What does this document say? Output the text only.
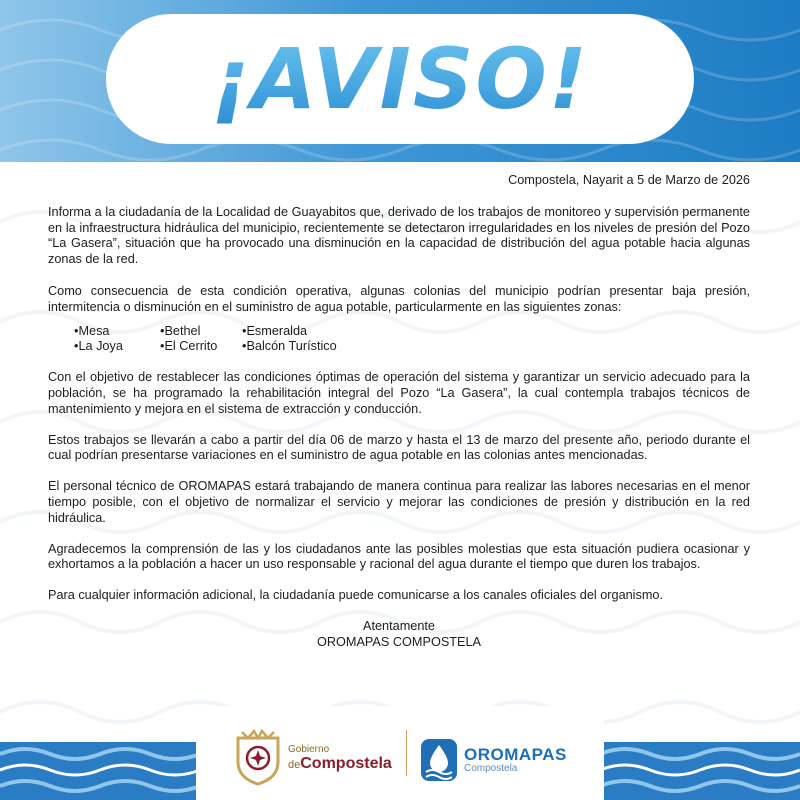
¡AVISO!
Compostela, Nayarit a 5 de Marzo de 2026

Informa a la ciudadanía de la Localidad de Guayabitos que, derivado de los trabajos de monitoreo y supervisión permanente en la infraestructura hidráulica del municipio, recientemente se detectaron irregularidades en los niveles de presión del Pozo “La Gasera”, situación que ha provocado una disminución en la capacidad de distribución del agua potable hacia algunas zonas de la red.

Como consecuencia de esta condición operativa, algunas colonias del municipio podrían presentar baja presión, intermitencia o disminución en el suministro de agua potable, particularmente en las siguientes zonas:

•Mesa	•Bethel	•Esmeralda
•La Joya	•El Cerrito	•Balcón Turístico

Con el objetivo de restablecer las condiciones óptimas de operación del sistema y garantizar un servicio adecuado para la población, se ha programado la rehabilitación integral del Pozo “La Gasera”, la cual contempla trabajos técnicos de mantenimiento y mejora en el sistema de extracción y conducción.

Estos trabajos se llevarán a cabo a partir del día 06 de marzo y hasta el 13 de marzo del presente año, periodo durante el cual podrían presentarse variaciones en el suministro de agua potable en las colonias antes mencionadas.

El personal técnico de OROMAPAS estará trabajando de manera continua para realizar las labores necesarias en el menor tiempo posible, con el objetivo de normalizar el servicio y mejorar las condiciones de presión y distribución en la red hidráulica.

Agradecemos la comprensión de las y los ciudadanos ante las posibles molestias que esta situación pudiera ocasionar y exhortamos a la población a hacer un uso responsable y racional del agua durante el tiempo que duren los trabajos.

Para cualquier información adicional, la ciudadanía puede comunicarse a los canales oficiales del organismo.

Atentamente
OROMAPAS COMPOSTELA
Gobierno
deCompostela	OROMAPAS
Compostela
